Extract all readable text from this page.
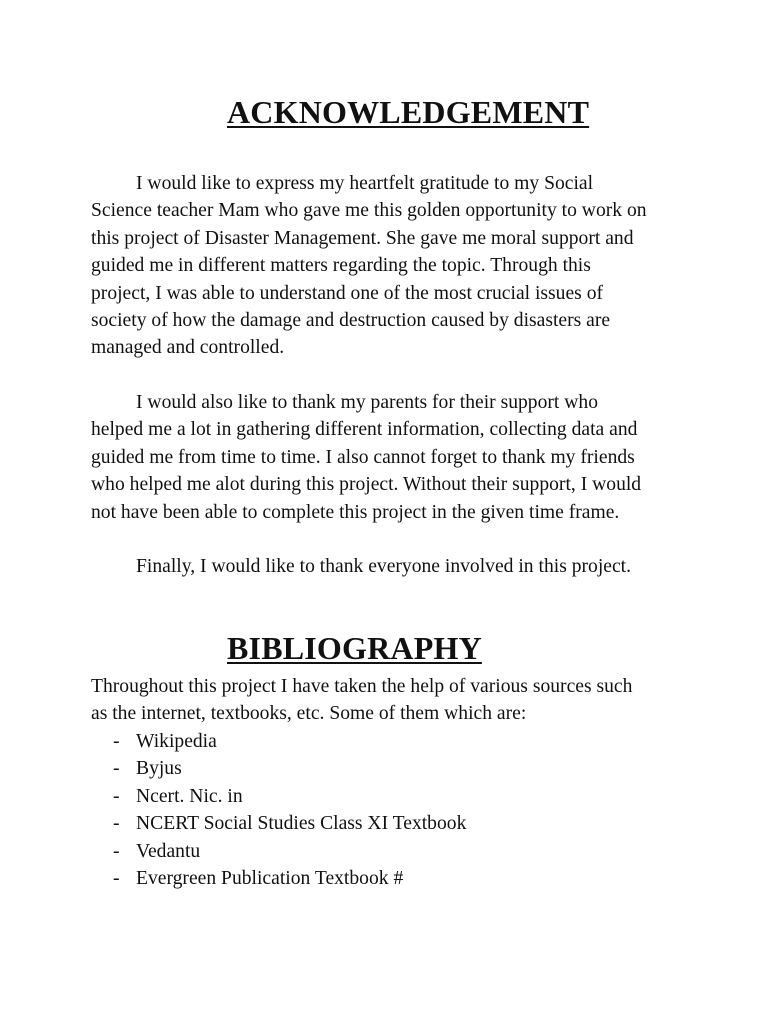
ACKNOWLEDGEMENT

I would like to express my heartfelt gratitude to my Social
Science teacher Mam who gave me this golden opportunity to work on
this project of Disaster Management. She gave me moral support and
guided me in different matters regarding the topic. Through this
project, I was able to understand one of the most crucial issues of
society of how the damage and destruction caused by disasters are
managed and controlled.

I would also like to thank my parents for their support who
helped me a lot in gathering different information, collecting data and
guided me from time to time. I also cannot forget to thank my friends
who helped me alot during this project. Without their support, I would
not have been able to complete this project in the given time frame.

Finally, I would like to thank everyone involved in this project.

BIBLIOGRAPHY

Throughout this project I have taken the help of various sources such
as the internet, textbooks, etc. Some of them which are:

- Wikipedia
- Byjus
- Ncert. Nic. in
- NCERT Social Studies Class XI Textbook
- Vedantu
- Evergreen Publication Textbook #
